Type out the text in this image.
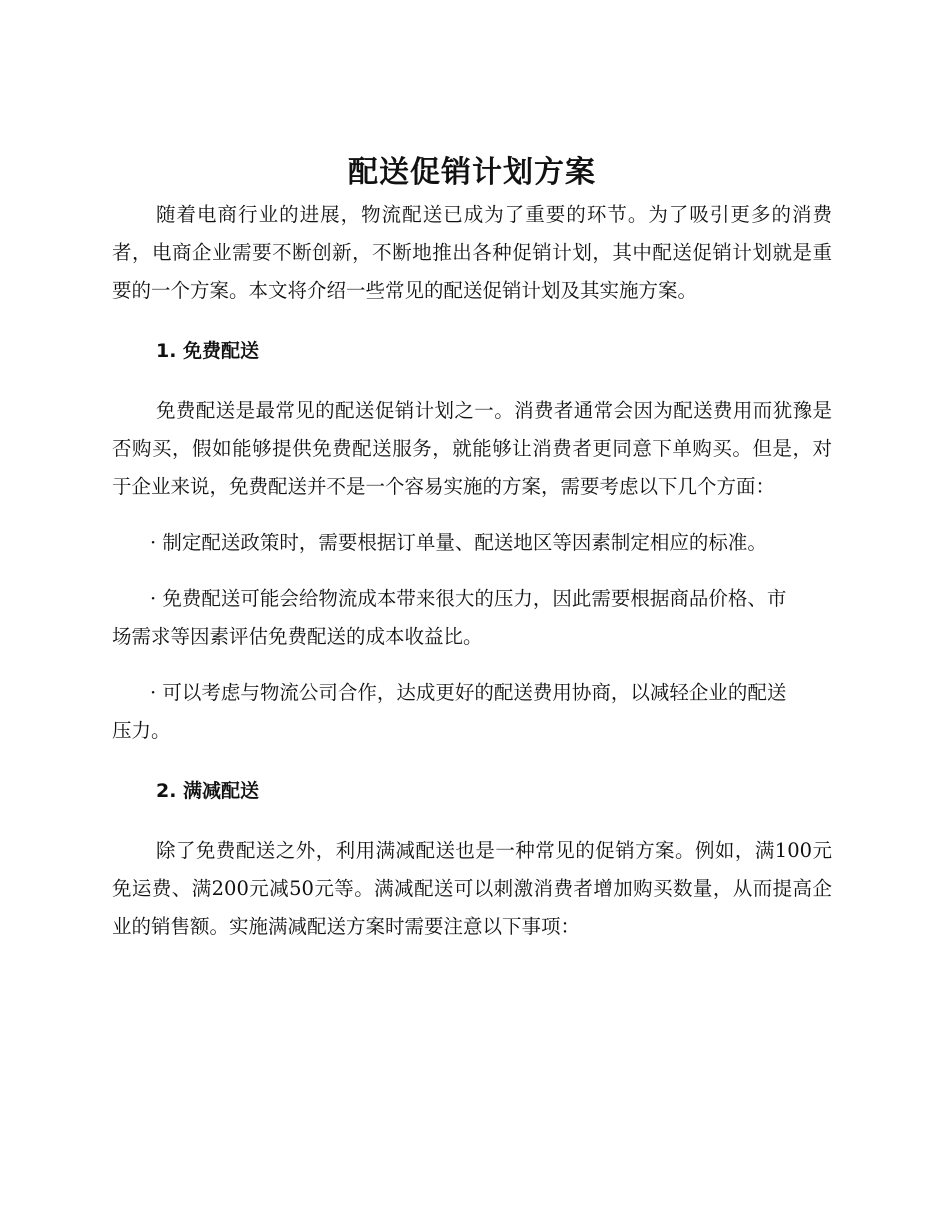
配送促销计划方案

随着电商行业的进展，物流配送已成为了重要的环节。为了吸引更多的消费者，电商企业需要不断创新，不断地推出各种促销计划，其中配送促销计划就是重要的一个方案。本文将介绍一些常见的配送促销计划及其实施方案。

1. 免费配送

免费配送是最常见的配送促销计划之一。消费者通常会因为配送费用而犹豫是否购买，假如能够提供免费配送服务，就能够让消费者更同意下单购买。但是，对于企业来说，免费配送并不是一个容易实施的方案，需要考虑以下几个方面：

· 制定配送政策时，需要根据订单量、配送地区等因素制定相应的标准。

· 免费配送可能会给物流成本带来很大的压力，因此需要根据商品价格、市场需求等因素评估免费配送的成本收益比。

· 可以考虑与物流公司合作，达成更好的配送费用协商，以减轻企业的配送压力。

2. 满减配送

除了免费配送之外，利用满减配送也是一种常见的促销方案。例如，满100元免运费、满200元减50元等。满减配送可以刺激消费者增加购买数量，从而提高企业的销售额。实施满减配送方案时需要注意以下事项：
